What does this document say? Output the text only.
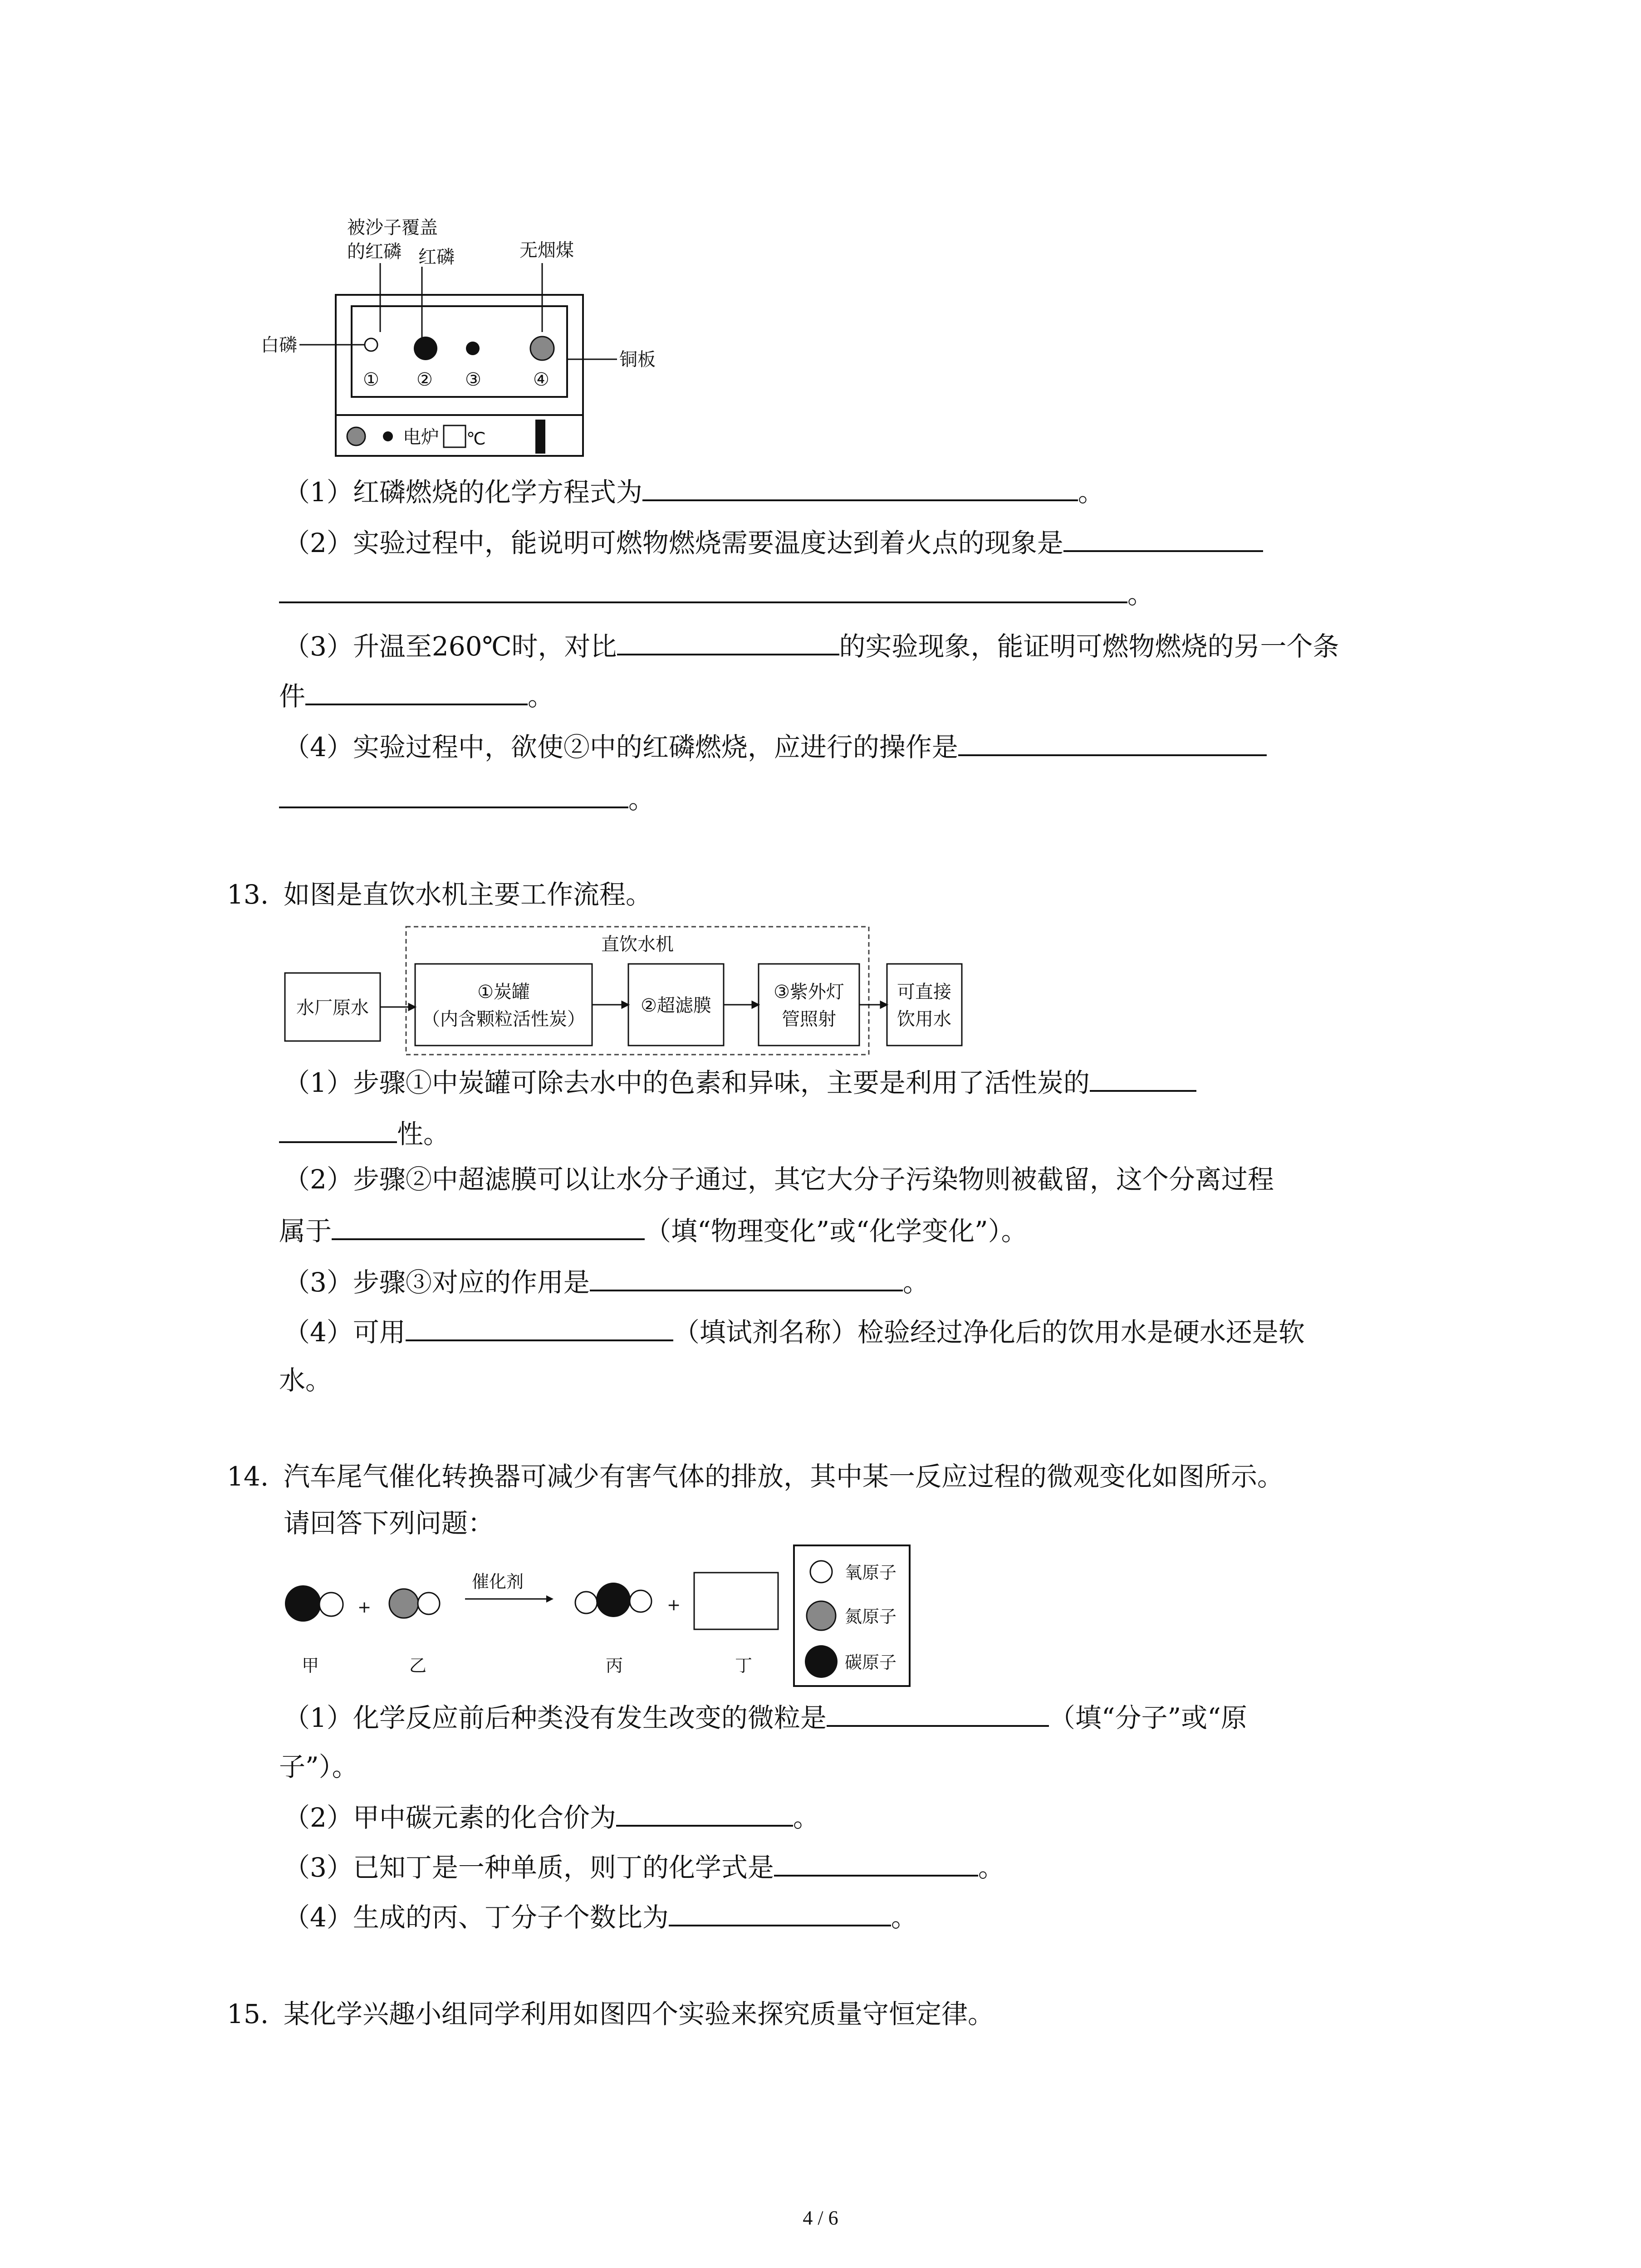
被沙子覆盖
的红磷 红磷	无烟煤
白磷
铜板
① ② ③	④
电炉 ℃
（1）红磷燃烧的化学方程式为	。
（2）实验过程中，能说明可燃物燃烧需要温度达到着火点的现象是
。
（3）升温至260℃时，对比	的实验现象，能证明可燃物燃烧的另一个条
件	。
（4）实验过程中，欲使②中的红磷燃烧，应进行的操作是
。
13. 如图是直饮水机主要工作流程。
直饮水机
水厂原水
①炭罐
（内含颗粒活性炭）
②超滤膜
③紫外灯
管照射
可直接
饮用水
（1）步骤①中炭罐可除去水中的色素和异味，主要是利用了活性炭的
性。
（2）步骤②中超滤膜可以让水分子通过，其它大分子污染物则被截留，这个分离过程
属于	（填“物理变化”或“化学变化”）。
（3）步骤③对应的作用是	。
（4）可用	（填试剂名称）检验经过净化后的饮用水是硬水还是软
水。
14. 汽车尾气催化转换器可减少有害气体的排放，其中某一反应过程的微观变化如图所示。
请回答下列问题：
+
催化剂
+
甲	乙	丙	丁
氧原子
氮原子
碳原子
（1）化学反应前后种类没有发生改变的微粒是	（填“分子”或“原
子”）。
（2）甲中碳元素的化合价为	。
（3）已知丁是一种单质，则丁的化学式是	。
（4）生成的丙、丁分子个数比为	。
15. 某化学兴趣小组同学利用如图四个实验来探究质量守恒定律。
4 / 6
